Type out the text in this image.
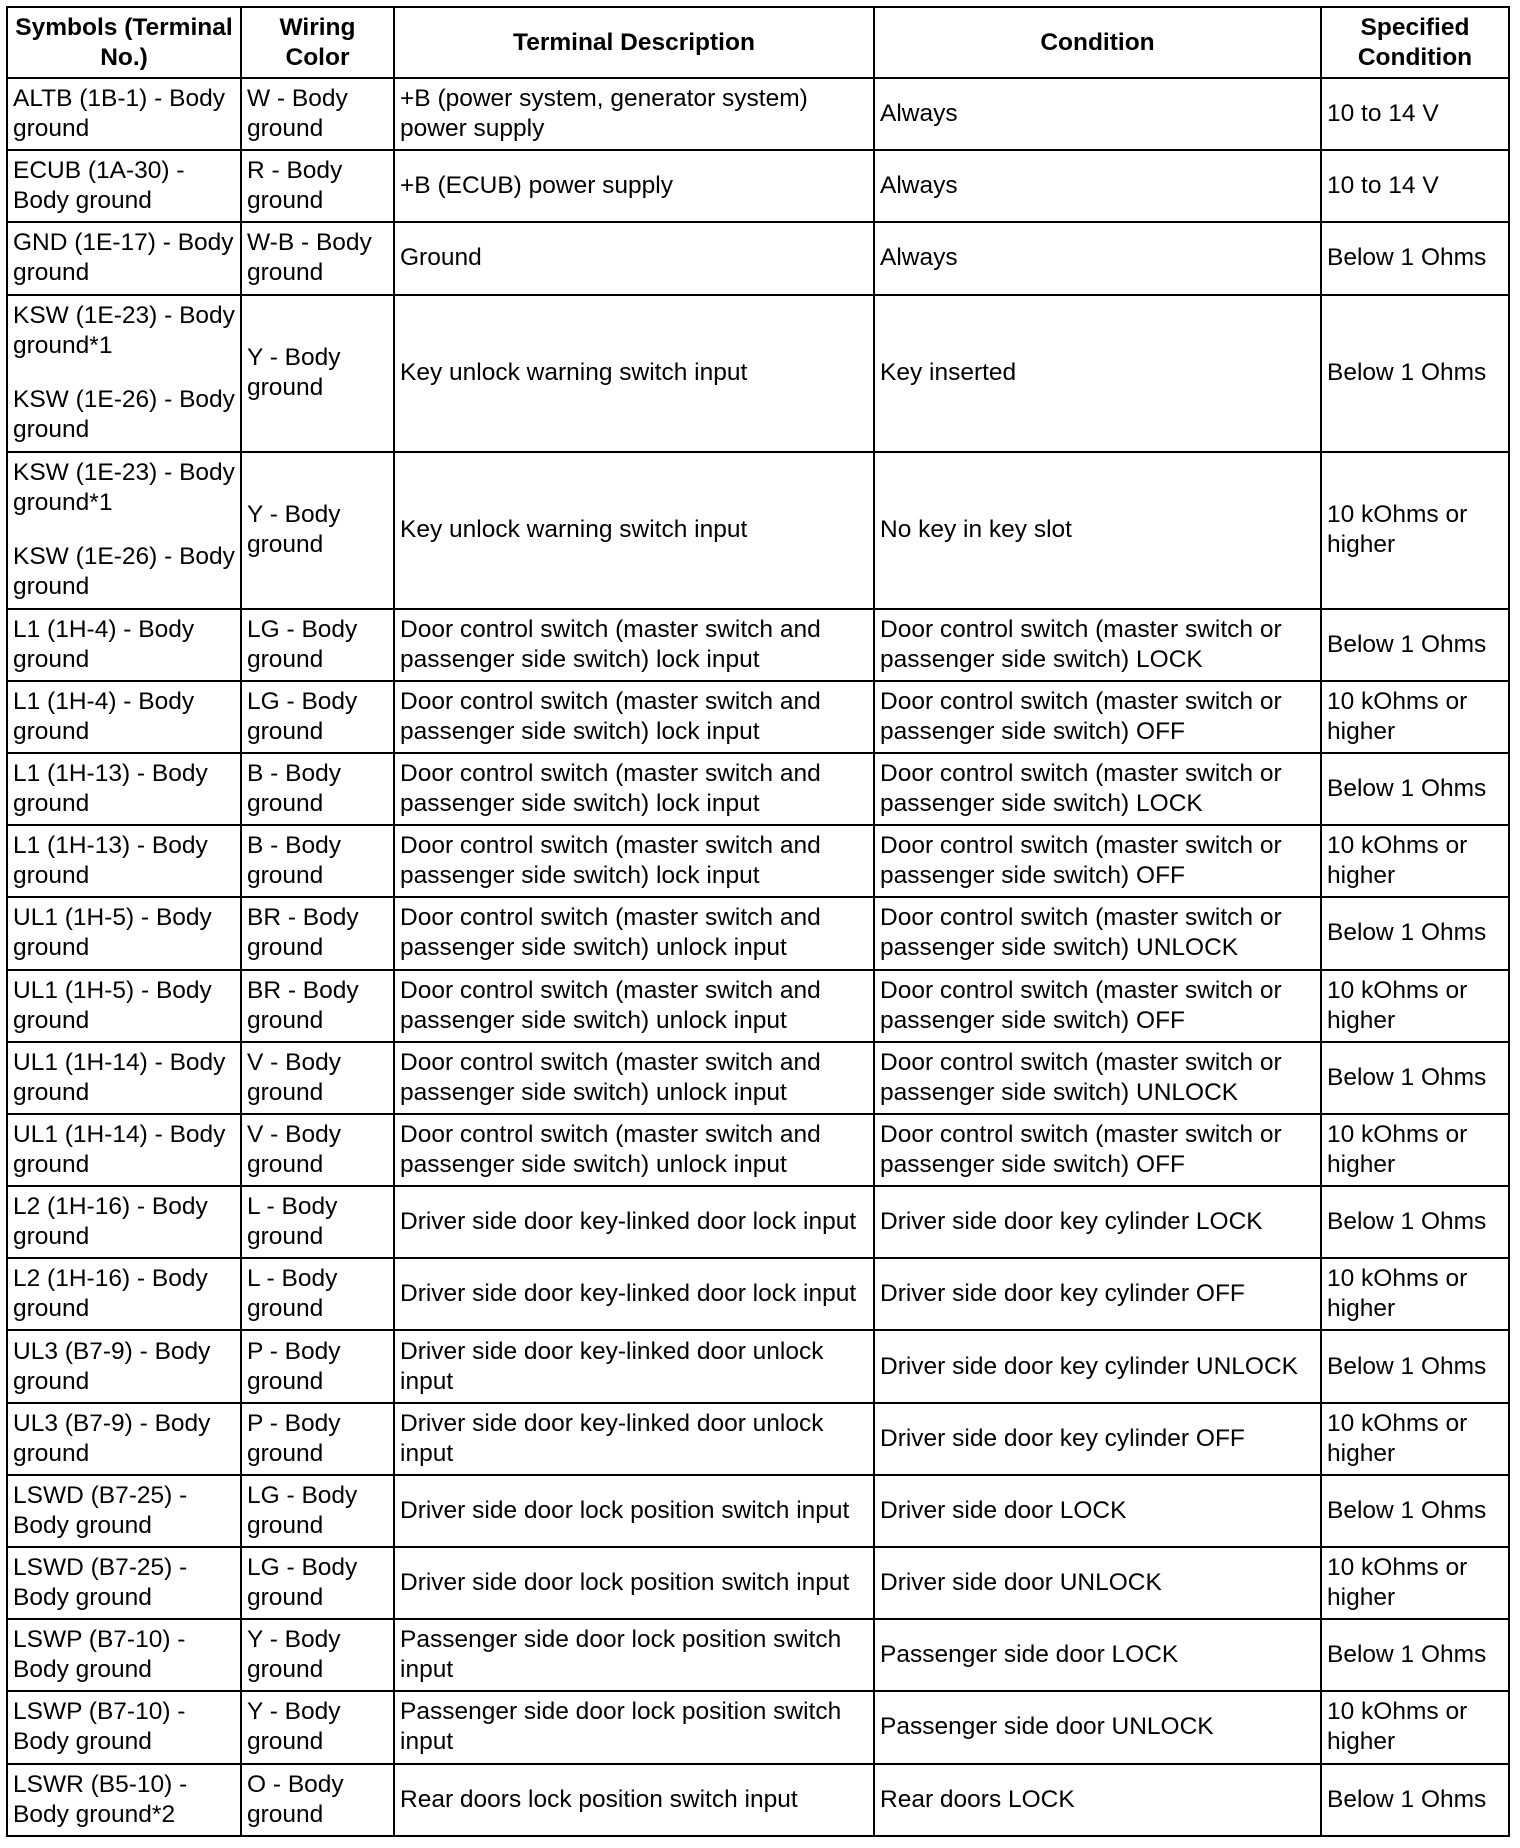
Symbols (Terminal No.)	Wiring Color	Terminal Description	Condition	Specified Condition

ALTB (1B-1) - Body ground	W - Body ground	+B (power system, generator system) power supply	Always	10 to 14 V

ECUB (1A-30) - Body ground	R - Body ground	+B (ECUB) power supply	Always	10 to 14 V

GND (1E-17) - Body ground	W-B - Body ground	Ground	Always	Below 1 Ohms

KSW (1E-23) - Body ground*1
KSW (1E-26) - Body ground	Y - Body ground	Key unlock warning switch input	Key inserted	Below 1 Ohms

KSW (1E-23) - Body ground*1
KSW (1E-26) - Body ground	Y - Body ground	Key unlock warning switch input	No key in key slot	10 kOhms or higher

L1 (1H-4) - Body ground	LG - Body ground	Door control switch (master switch and passenger side switch) lock input	Door control switch (master switch or passenger side switch) LOCK	Below 1 Ohms

L1 (1H-4) - Body ground	LG - Body ground	Door control switch (master switch and passenger side switch) lock input	Door control switch (master switch or passenger side switch) OFF	10 kOhms or higher

L1 (1H-13) - Body ground	B - Body ground	Door control switch (master switch and passenger side switch) lock input	Door control switch (master switch or passenger side switch) LOCK	Below 1 Ohms

L1 (1H-13) - Body ground	B - Body ground	Door control switch (master switch and passenger side switch) lock input	Door control switch (master switch or passenger side switch) OFF	10 kOhms or higher

UL1 (1H-5) - Body ground	BR - Body ground	Door control switch (master switch and passenger side switch) unlock input	Door control switch (master switch or passenger side switch) UNLOCK	Below 1 Ohms

UL1 (1H-5) - Body ground	BR - Body ground	Door control switch (master switch and passenger side switch) unlock input	Door control switch (master switch or passenger side switch) OFF	10 kOhms or higher

UL1 (1H-14) - Body ground	V - Body ground	Door control switch (master switch and passenger side switch) unlock input	Door control switch (master switch or passenger side switch) UNLOCK	Below 1 Ohms

UL1 (1H-14) - Body ground	V - Body ground	Door control switch (master switch and passenger side switch) unlock input	Door control switch (master switch or passenger side switch) OFF	10 kOhms or higher

L2 (1H-16) - Body ground	L - Body ground	Driver side door key-linked door lock input	Driver side door key cylinder LOCK	Below 1 Ohms

L2 (1H-16) - Body ground	L - Body ground	Driver side door key-linked door lock input	Driver side door key cylinder OFF	10 kOhms or higher

UL3 (B7-9) - Body ground	P - Body ground	Driver side door key-linked door unlock input	Driver side door key cylinder UNLOCK	Below 1 Ohms

UL3 (B7-9) - Body ground	P - Body ground	Driver side door key-linked door unlock input	Driver side door key cylinder OFF	10 kOhms or higher

LSWD (B7-25) - Body ground	LG - Body ground	Driver side door lock position switch input	Driver side door LOCK	Below 1 Ohms

LSWD (B7-25) - Body ground	LG - Body ground	Driver side door lock position switch input	Driver side door UNLOCK	10 kOhms or higher

LSWP (B7-10) - Body ground	Y - Body ground	Passenger side door lock position switch input	Passenger side door LOCK	Below 1 Ohms

LSWP (B7-10) - Body ground	Y - Body ground	Passenger side door lock position switch input	Passenger side door UNLOCK	10 kOhms or higher

LSWR (B5-10) - Body ground*2	O - Body ground	Rear doors lock position switch input	Rear doors LOCK	Below 1 Ohms
